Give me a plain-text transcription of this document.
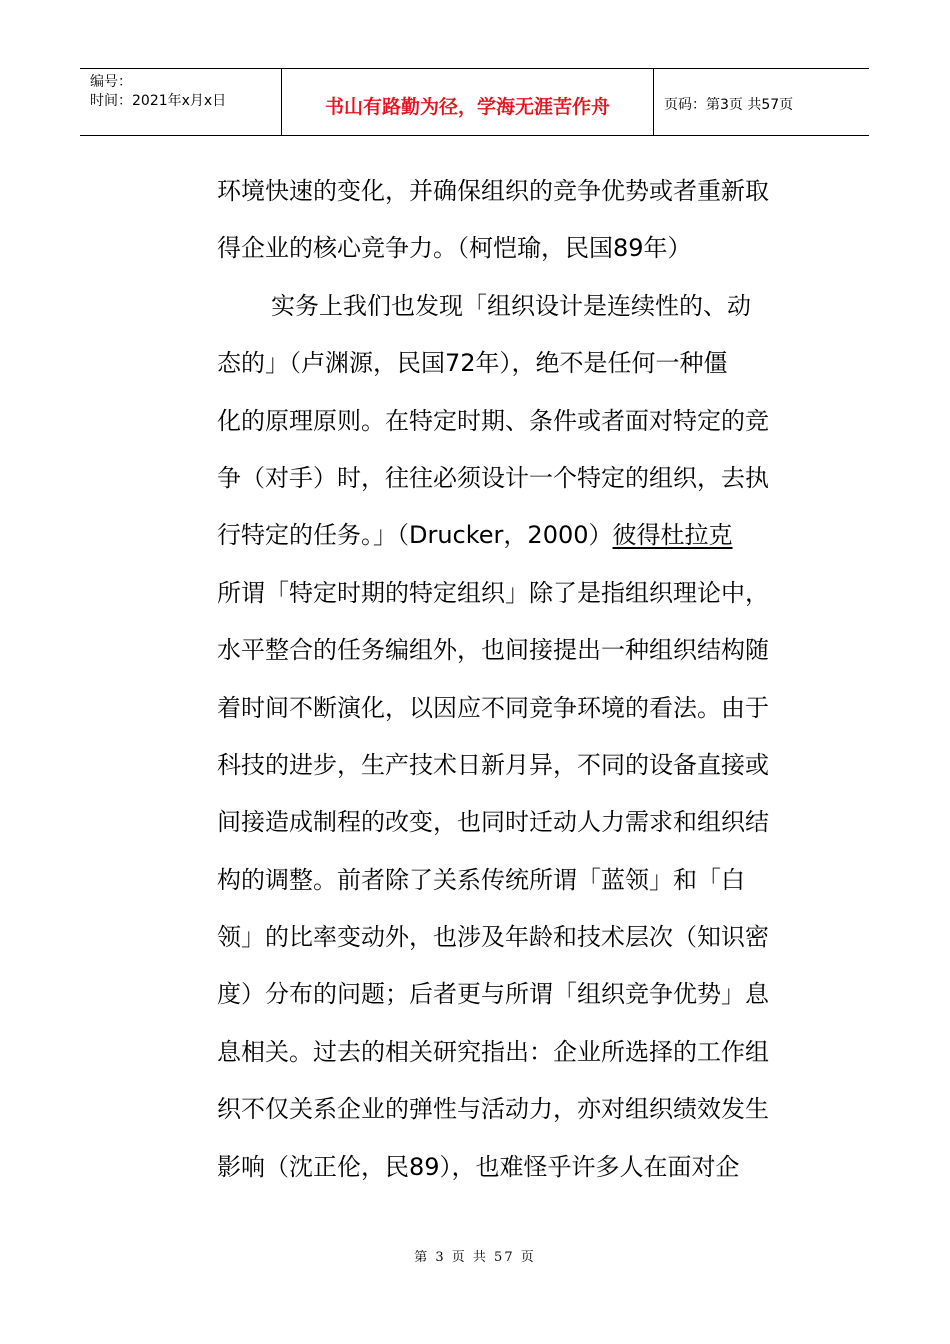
编号：
时间：2021年x月x日	书山有路勤为径，学海无涯苦作舟	页码：第3页 共57页
环境快速的变化，并确保组织的竞争优势或者重新取
得企业的核心竞争力。（柯恺瑜，民国89年）
实务上我们也发现「组织设计是连续性的、动
态的」（卢渊源，民国72年），绝不是任何一种僵
化的原理原则。在特定时期、条件或者面对特定的竞
争（对手）时，往往必须设计一个特定的组织，去执
行特定的任务。」（Drucker，2000）彼得杜拉克
所谓「特定时期的特定组织」除了是指组织理论中，
水平整合的任务编组外，也间接提出一种组织结构随
着时间不断演化，以因应不同竞争环境的看法。由于
科技的进步，生产技术日新月异，不同的设备直接或
间接造成制程的改变，也同时迁动人力需求和组织结
构的调整。前者除了关系传统所谓「蓝领」和「白
领」的比率变动外，也涉及年龄和技术层次（知识密
度）分布的问题；后者更与所谓「组织竞争优势」息
息相关。过去的相关研究指出：企业所选择的工作组
织不仅关系企业的弹性与活动力，亦对组织绩效发生
影响（沈正伦，民89），也难怪乎许多人在面对企
第 3 页 共 57 页
